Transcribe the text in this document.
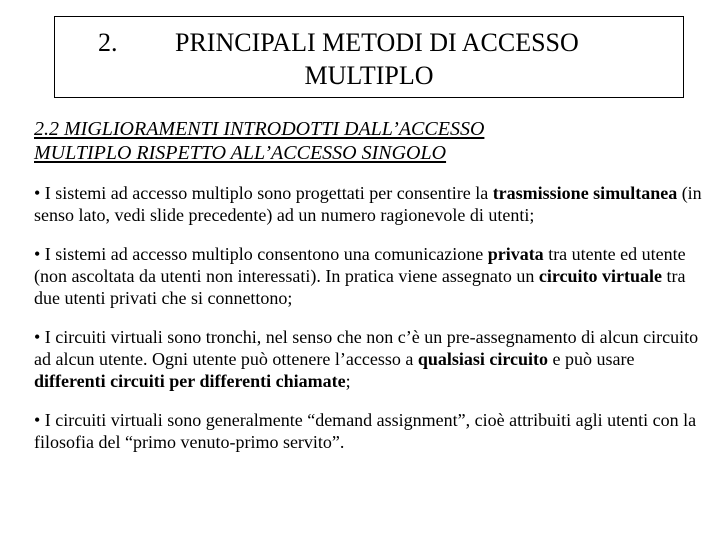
2. PRINCIPALI METODI DI ACCESSO
MULTIPLO
2.2 MIGLIORAMENTI INTRODOTTI DALL’ACCESSO
MULTIPLO RISPETTO ALL’ACCESSO SINGOLO

• I sistemi ad accesso multiplo sono progettati per consentire la trasmissione simultanea (in senso lato, vedi slide precedente) ad un numero ragionevole di utenti;

• I sistemi ad accesso multiplo consentono una comunicazione privata tra utente ed utente (non ascoltata da utenti non interessati). In pratica viene assegnato un circuito virtuale tra due utenti privati che si connettono;

• I circuiti virtuali sono tronchi, nel senso che non c’è un pre-assegnamento di alcun circuito ad alcun utente. Ogni utente può ottenere l’accesso a qualsiasi circuito e può usare differenti circuiti per differenti chiamate;

• I circuiti virtuali sono generalmente “demand assignment”, cioè attribuiti agli utenti con la filosofia del “primo venuto-primo servito”.
